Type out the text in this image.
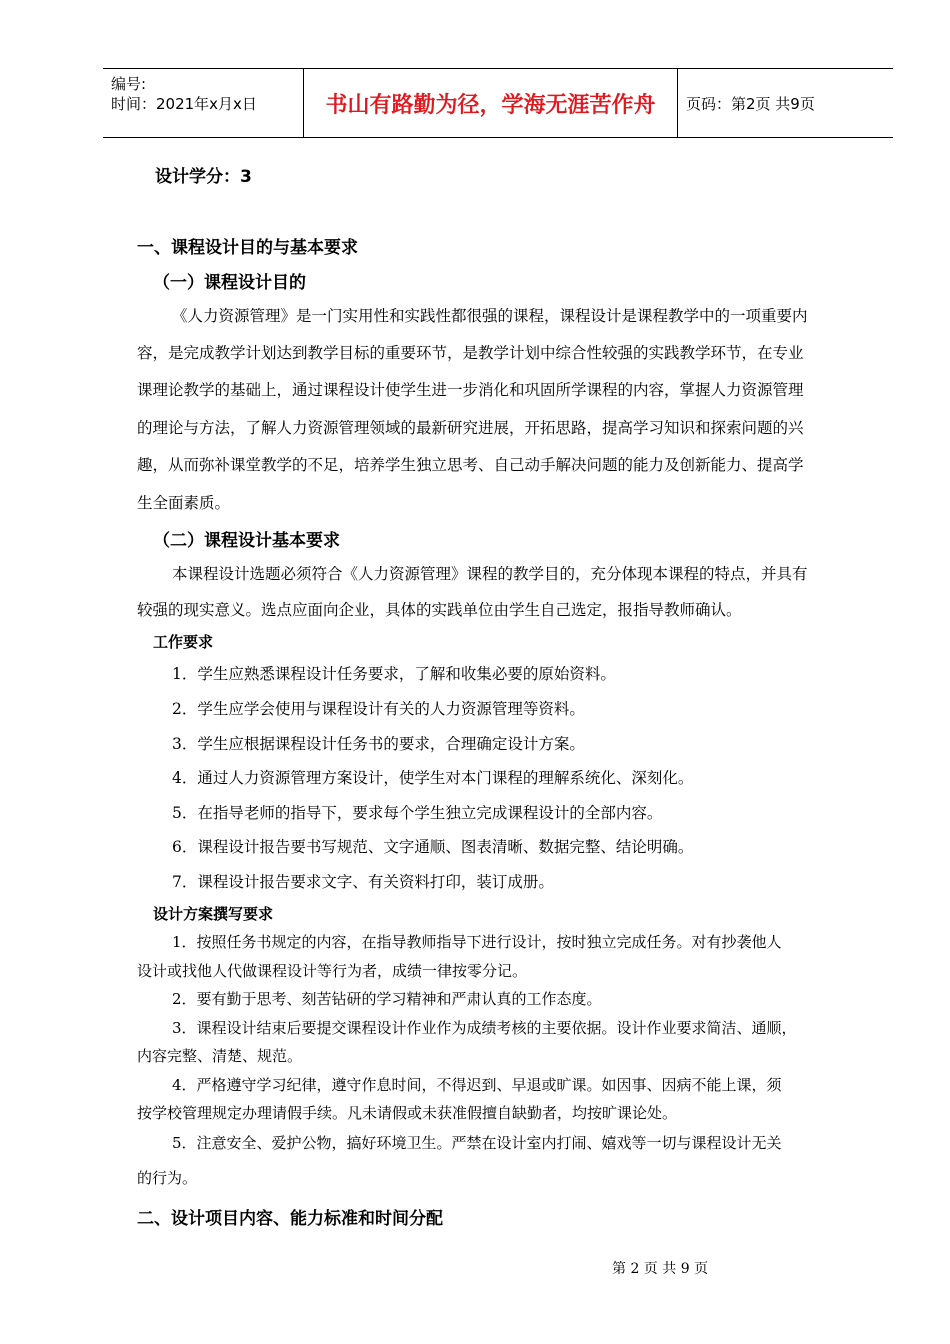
编号:
时间：2021年x月x日	书山有路勤为径，学海无涯苦作舟	页码：第2页 共9页
设计学分：3
一、课程设计目的与基本要求
（一）课程设计目的
《人力资源管理》是一门实用性和实践性都很强的课程，课程设计是课程教学中的一项重要内
容，是完成教学计划达到教学目标的重要环节，是教学计划中综合性较强的实践教学环节，在专业
课理论教学的基础上，通过课程设计使学生进一步消化和巩固所学课程的内容，掌握人力资源管理
的理论与方法，了解人力资源管理领域的最新研究进展，开拓思路，提高学习知识和探索问题的兴
趣，从而弥补课堂教学的不足，培养学生独立思考、自己动手解决问题的能力及创新能力、提高学
生全面素质。
（二）课程设计基本要求
本课程设计选题必须符合《人力资源管理》课程的教学目的，充分体现本课程的特点，并具有
较强的现实意义。选点应面向企业，具体的实践单位由学生自己选定，报指导教师确认。
工作要求
1．学生应熟悉课程设计任务要求，了解和收集必要的原始资料。
2．学生应学会使用与课程设计有关的人力资源管理等资料。
3．学生应根据课程设计任务书的要求，合理确定设计方案。
4．通过人力资源管理方案设计，使学生对本门课程的理解系统化、深刻化。
5．在指导老师的指导下，要求每个学生独立完成课程设计的全部内容。
6．课程设计报告要书写规范、文字通顺、图表清晰、数据完整、结论明确。
7．课程设计报告要求文字、有关资料打印，装订成册。
设计方案撰写要求
1．按照任务书规定的内容，在指导教师指导下进行设计，按时独立完成任务。对有抄袭他人
设计或找他人代做课程设计等行为者，成绩一律按零分记。
2．要有勤于思考、刻苦钻研的学习精神和严肃认真的工作态度。
3．课程设计结束后要提交课程设计作业作为成绩考核的主要依据。设计作业要求简洁、通顺，
内容完整、清楚、规范。
4．严格遵守学习纪律，遵守作息时间，不得迟到、早退或旷课。如因事、因病不能上课，须
按学校管理规定办理请假手续。凡未请假或未获准假擅自缺勤者，均按旷课论处。
5．注意安全、爱护公物，搞好环境卫生。严禁在设计室内打闹、嬉戏等一切与课程设计无关
的行为。
二、设计项目内容、能力标准和时间分配
第 2 页 共 9 页
